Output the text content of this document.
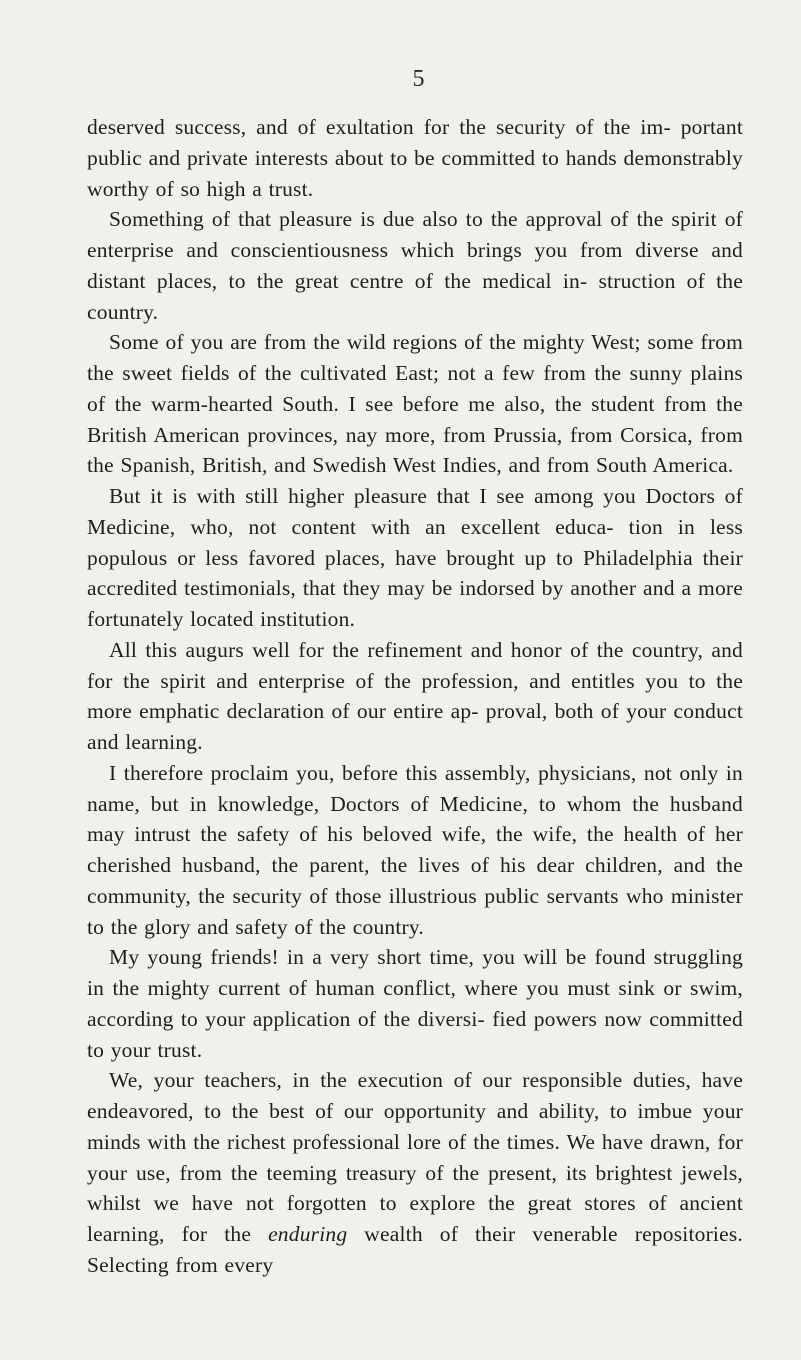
5

deserved success, and of exultation for the security of the im- portant public and private interests about to be committed to hands demonstrably worthy of so high a trust.

Something of that pleasure is due also to the approval of the spirit of enterprise and conscientiousness which brings you from diverse and distant places, to the great centre of the medical in- struction of the country.

Some of you are from the wild regions of the mighty West; some from the sweet fields of the cultivated East; not a few from the sunny plains of the warm-hearted South. I see before me also, the student from the British American provinces, nay more, from Prussia, from Corsica, from the Spanish, British, and Swedish West Indies, and from South America.

But it is with still higher pleasure that I see among you Doctors of Medicine, who, not content with an excellent educa- tion in less populous or less favored places, have brought up to Philadelphia their accredited testimonials, that they may be indorsed by another and a more fortunately located institution.

All this augurs well for the refinement and honor of the country, and for the spirit and enterprise of the profession, and entitles you to the more emphatic declaration of our entire ap- proval, both of your conduct and learning.

I therefore proclaim you, before this assembly, physicians, not only in name, but in knowledge, Doctors of Medicine, to whom the husband may intrust the safety of his beloved wife, the wife, the health of her cherished husband, the parent, the lives of his dear children, and the community, the security of those illustrious public servants who minister to the glory and safety of the country.

My young friends! in a very short time, you will be found struggling in the mighty current of human conflict, where you must sink or swim, according to your application of the diversi- fied powers now committed to your trust.

We, your teachers, in the execution of our responsible duties, have endeavored, to the best of our opportunity and ability, to imbue your minds with the richest professional lore of the times. We have drawn, for your use, from the teeming treasury of the present, its brightest jewels, whilst we have not forgotten to explore the great stores of ancient learning, for the enduring wealth of their venerable repositories. Selecting from every
